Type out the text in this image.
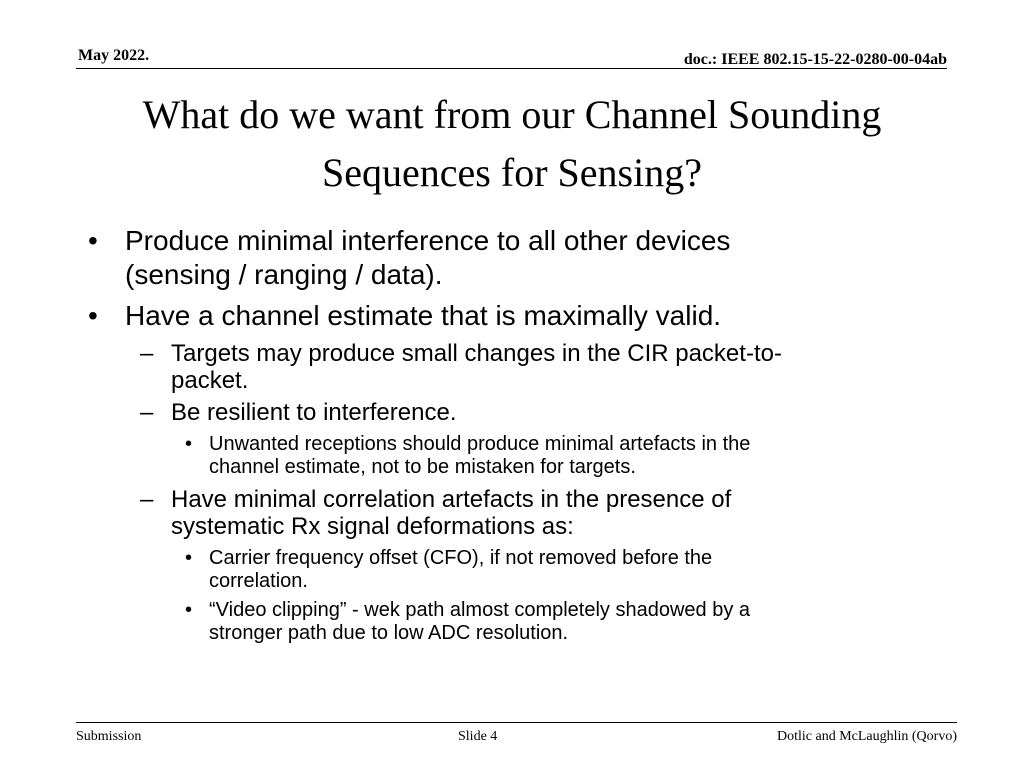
May 2022.	doc.: IEEE 802.15-15-22-0280-00-04ab
What do we want from our Channel Sounding
Sequences for Sensing?
• Produce minimal interference to all other devices
(sensing / ranging / data).
• Have a channel estimate that is maximally valid.
– Targets may produce small changes in the CIR packet-to-
packet.
– Be resilient to interference.
• Unwanted receptions should produce minimal artefacts in the
channel estimate, not to be mistaken for targets.
– Have minimal correlation artefacts in the presence of
systematic Rx signal deformations as:
• Carrier frequency offset (CFO), if not removed before the
correlation.
• “Video clipping” - wek path almost completely shadowed by a
stronger path due to low ADC resolution.
Submission	Slide 4	Dotlic and McLaughlin (Qorvo)
